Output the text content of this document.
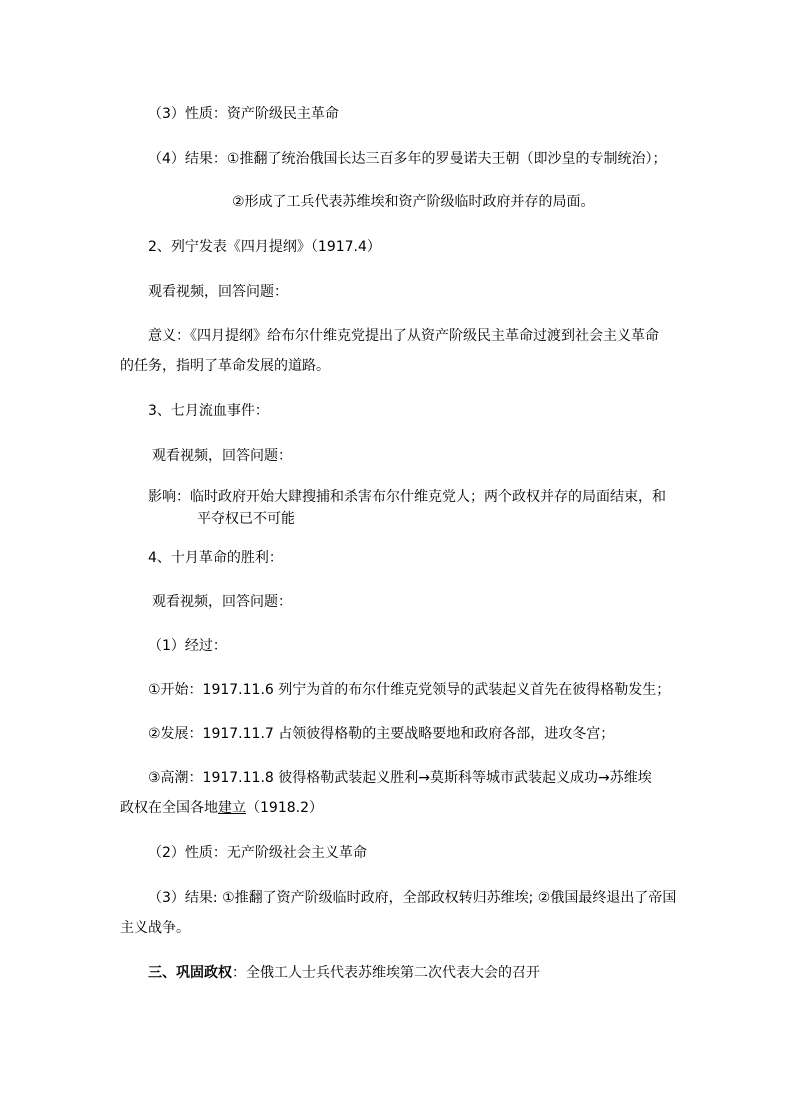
（3）性质：资产阶级民主革命
（4）结果：①推翻了统治俄国长达三百多年的罗曼诺夫王朝（即沙皇的专制统治）；
②形成了工兵代表苏维埃和资产阶级临时政府并存的局面。
2、列宁发表《四月提纲》（1917.4）
观看视频，回答问题：
意义：《四月提纲》给布尔什维克党提出了从资产阶级民主革命过渡到社会主义革命
的任务，指明了革命发展的道路。
3、七月流血事件：
观看视频，回答问题：
影响：临时政府开始大肆搜捕和杀害布尔什维克党人；两个政权并存的局面结束，和
平夺权已不可能
4、十月革命的胜利：
观看视频，回答问题：
（1）经过：
①开始：1917.11.6 列宁为首的布尔什维克党领导的武装起义首先在彼得格勒发生；
②发展：1917.11.7 占领彼得格勒的主要战略要地和政府各部，进攻冬宫；
③高潮：1917.11.8 彼得格勒武装起义胜利→莫斯科等城市武装起义成功→苏维埃
政权在全国各地建立（1918.2）
（2）性质：无产阶级社会主义革命
（3）结果: ①推翻了资产阶级临时政府，全部政权转归苏维埃; ②俄国最终退出了帝国
主义战争。
三、巩固政权：全俄工人士兵代表苏维埃第二次代表大会的召开
